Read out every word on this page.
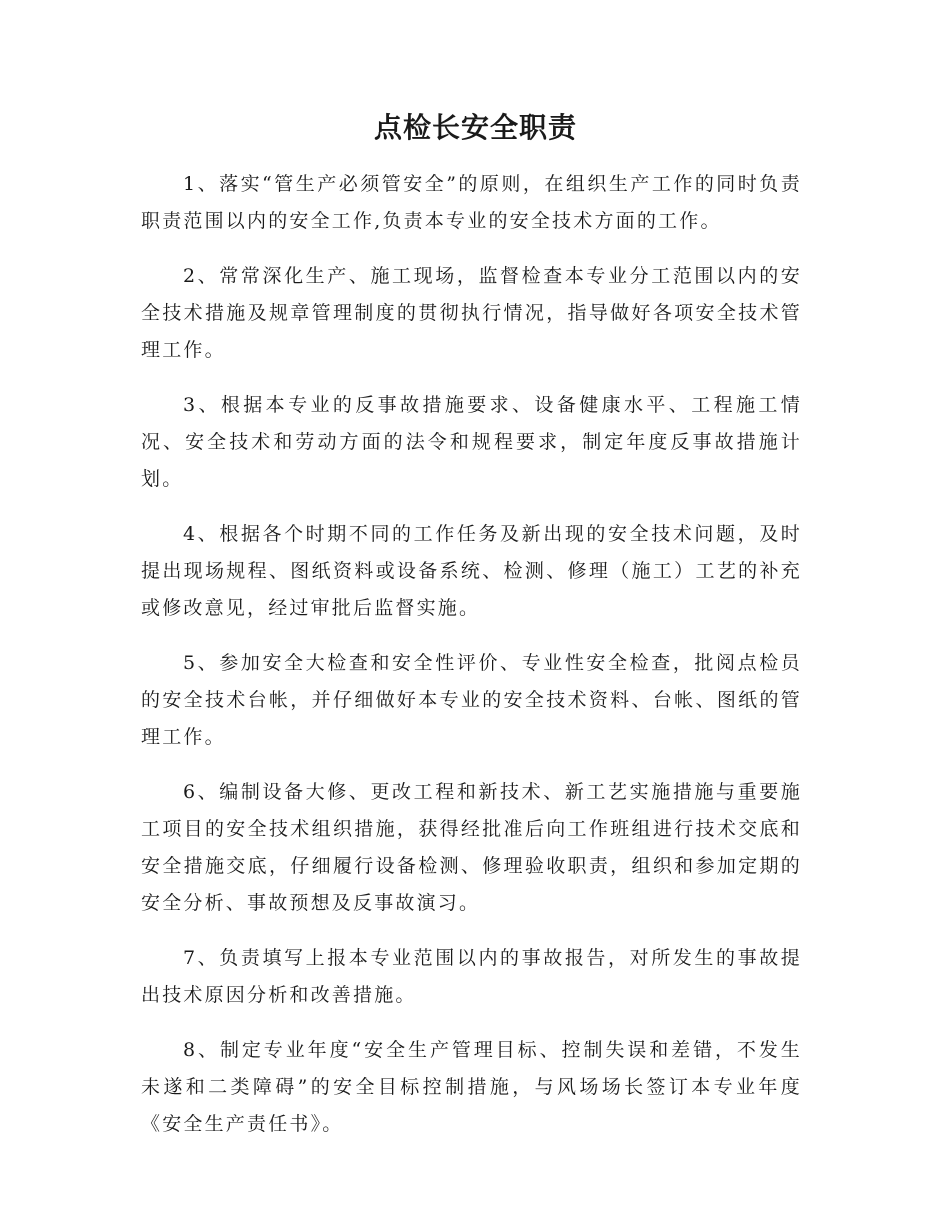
点检长安全职责

1、落实“管生产必须管安全”的原则，在组织生产工作的同时负责职责范围以内的安全工作,负责本专业的安全技术方面的工作。

2、常常深化生产、施工现场，监督检查本专业分工范围以内的安全技术措施及规章管理制度的贯彻执行情况，指导做好各项安全技术管理工作。

3、根据本专业的反事故措施要求、设备健康水平、工程施工情况、安全技术和劳动方面的法令和规程要求，制定年度反事故措施计划。

4、根据各个时期不同的工作任务及新出现的安全技术问题，及时提出现场规程、图纸资料或设备系统、检测、修理（施工）工艺的补充或修改意见，经过审批后监督实施。

5、参加安全大检查和安全性评价、专业性安全检查，批阅点检员的安全技术台帐，并仔细做好本专业的安全技术资料、台帐、图纸的管理工作。

6、编制设备大修、更改工程和新技术、新工艺实施措施与重要施工项目的安全技术组织措施，获得经批准后向工作班组进行技术交底和安全措施交底，仔细履行设备检测、修理验收职责，组织和参加定期的安全分析、事故预想及反事故演习。

7、负责填写上报本专业范围以内的事故报告，对所发生的事故提出技术原因分析和改善措施。

8、制定专业年度“安全生产管理目标、控制失误和差错，不发生未遂和二类障碍”的安全目标控制措施，与风场场长签订本专业年度《安全生产责任书》。
